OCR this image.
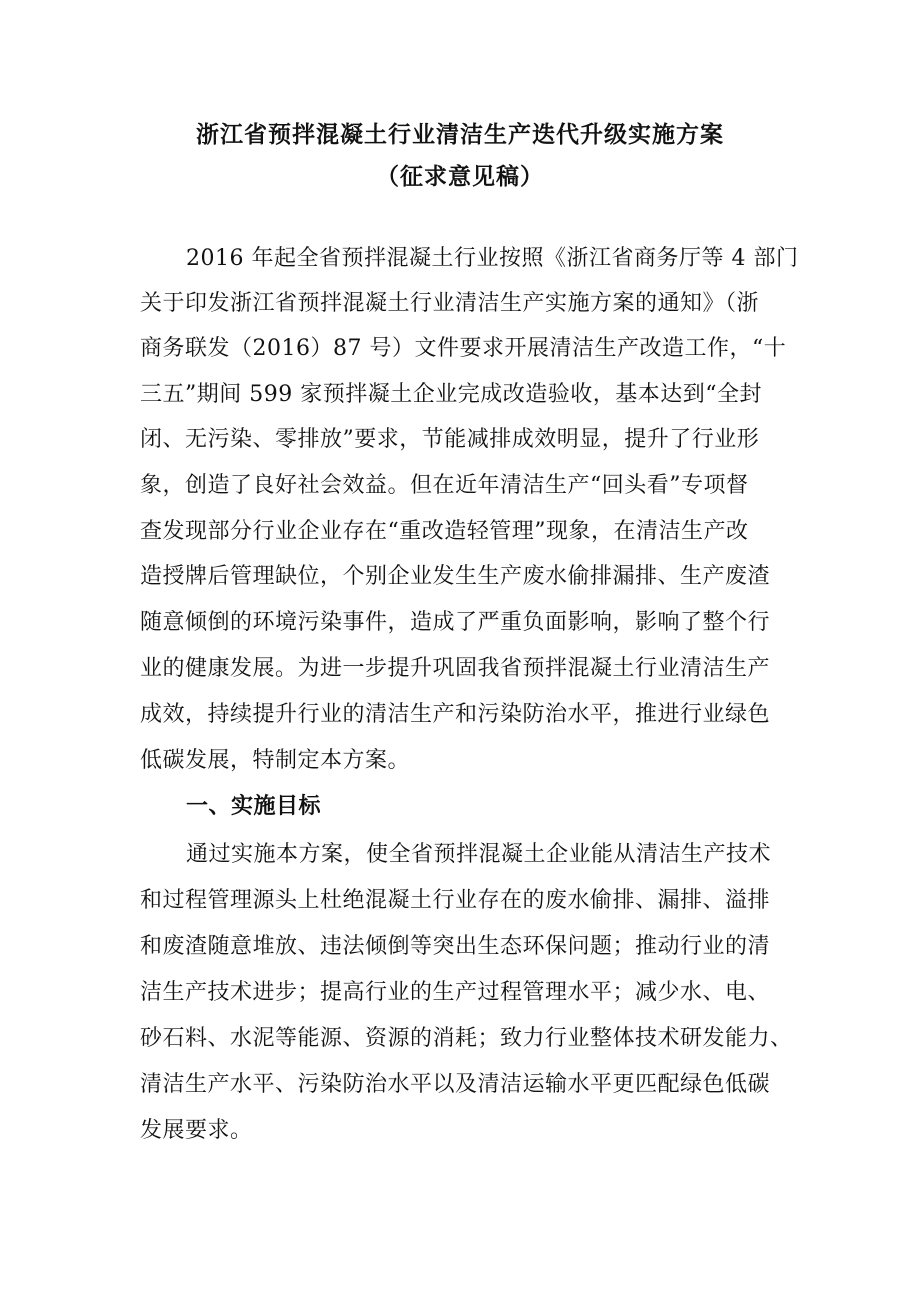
浙江省预拌混凝土行业清洁生产迭代升级实施方案
（征求意见稿）
2016 年起全省预拌混凝土行业按照《浙江省商务厅等 4 部门
关于印发浙江省预拌混凝土行业清洁生产实施方案的通知》（浙
商务联发（2016）87 号）文件要求开展清洁生产改造工作，“十
三五”期间 599 家预拌凝土企业完成改造验收，基本达到“全封
闭、无污染、零排放”要求，节能减排成效明显，提升了行业形
象，创造了良好社会效益。但在近年清洁生产“回头看”专项督
查发现部分行业企业存在“重改造轻管理”现象，在清洁生产改
造授牌后管理缺位，个别企业发生生产废水偷排漏排、生产废渣
随意倾倒的环境污染事件，造成了严重负面影响，影响了整个行
业的健康发展。为进一步提升巩固我省预拌混凝土行业清洁生产
成效，持续提升行业的清洁生产和污染防治水平，推进行业绿色
低碳发展，特制定本方案。
一、实施目标
通过实施本方案，使全省预拌混凝土企业能从清洁生产技术
和过程管理源头上杜绝混凝土行业存在的废水偷排、漏排、溢排
和废渣随意堆放、违法倾倒等突出生态环保问题；推动行业的清
洁生产技术进步；提高行业的生产过程管理水平；减少水、电、
砂石料、水泥等能源、资源的消耗；致力行业整体技术研发能力、
清洁生产水平、污染防治水平以及清洁运输水平更匹配绿色低碳
发展要求。
